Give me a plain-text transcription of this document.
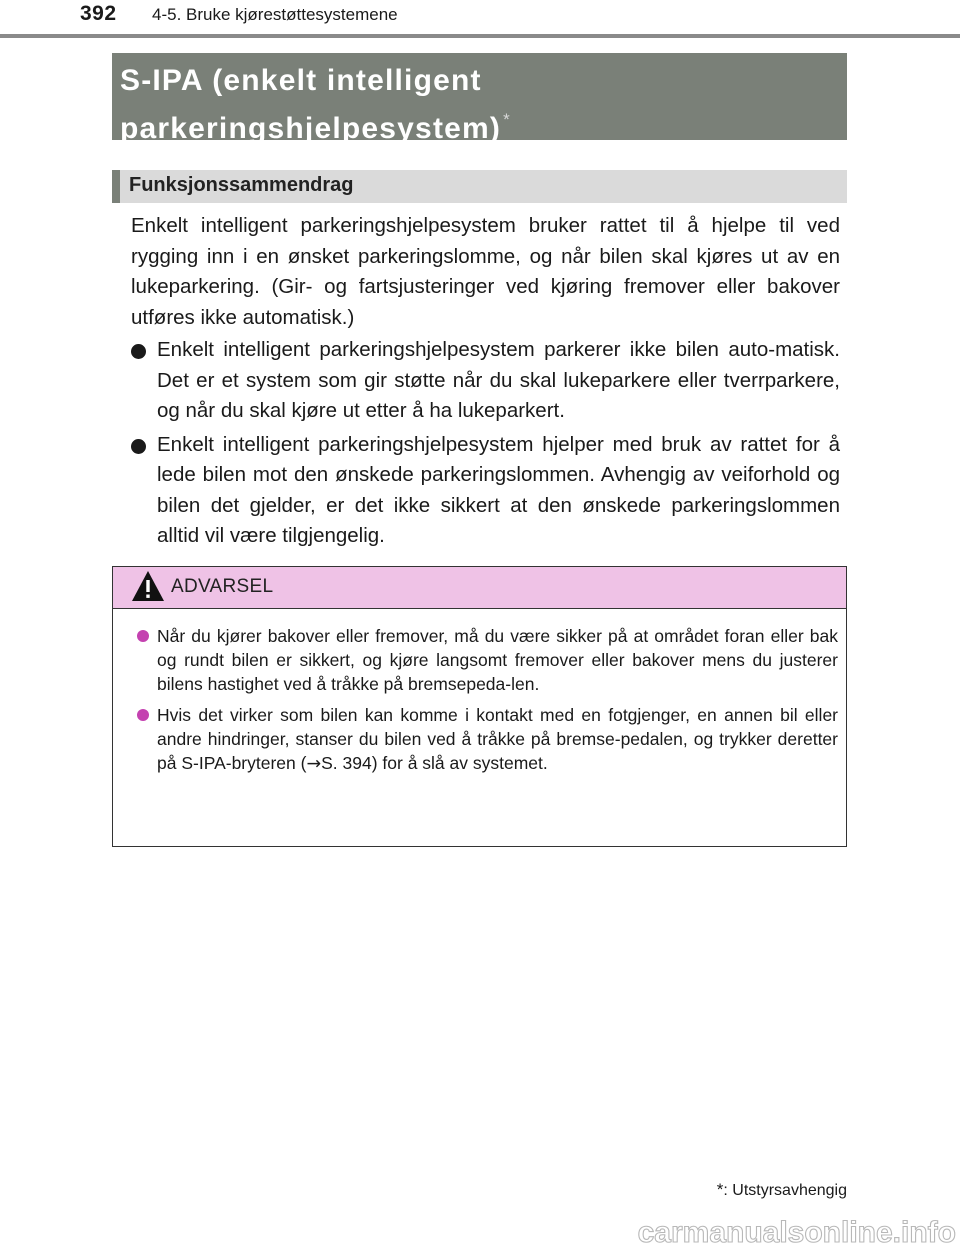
392 4-5. Bruke kjørestøttesystemene
S-IPA (enkelt intelligent
parkeringshjelpesystem) *
Funksjonssammendrag

Enkelt intelligent parkeringshjelpesystem bruker rattet til å hjelpe til ved rygging inn i en ønsket parkeringslomme, og når bilen skal kjøres ut av en lukeparkering. (Gir- og fartsjusteringer ved kjøring fremover eller bakover utføres ikke automatisk.)

Enkelt intelligent parkeringshjelpesystem parkerer ikke bilen auto-matisk. Det er et system som gir støtte når du skal lukeparkere eller tverrparkere, og når du skal kjøre ut etter å ha lukeparkert.
Enkelt intelligent parkeringshjelpesystem hjelper med bruk av rattet for å lede bilen mot den ønskede parkeringslommen. Avhengig av veiforhold og bilen det gjelder, er det ikke sikkert at den ønskede parkeringslommen alltid vil være tilgjengelig.
ADVARSEL
Når du kjører bakover eller fremover, må du være sikker på at området foran eller bak og rundt bilen er sikkert, og kjøre langsomt fremover eller bakover mens du justerer bilens hastighet ved å tråkke på bremsepeda-len.
Hvis det virker som bilen kan komme i kontakt med en fotgjenger, en annen bil eller andre hindringer, stanser du bilen ved å tråkke på bremse-pedalen, og trykker deretter på S-IPA-bryteren (→S. 394) for å slå av systemet.
*: Utstyrsavhengig
carmanualsonline.info
